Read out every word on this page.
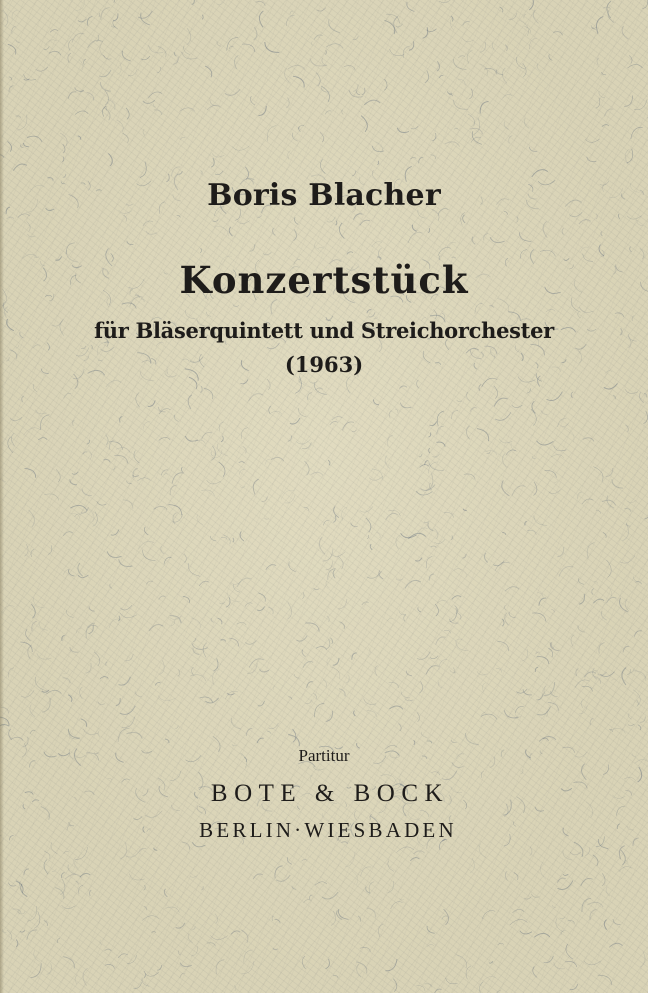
Boris Blacher
Konzertstück
für Bläserquintett und Streichorchester
(1963)
Partitur
BOTE & BOCK
BERLIN·WIESBADEN
